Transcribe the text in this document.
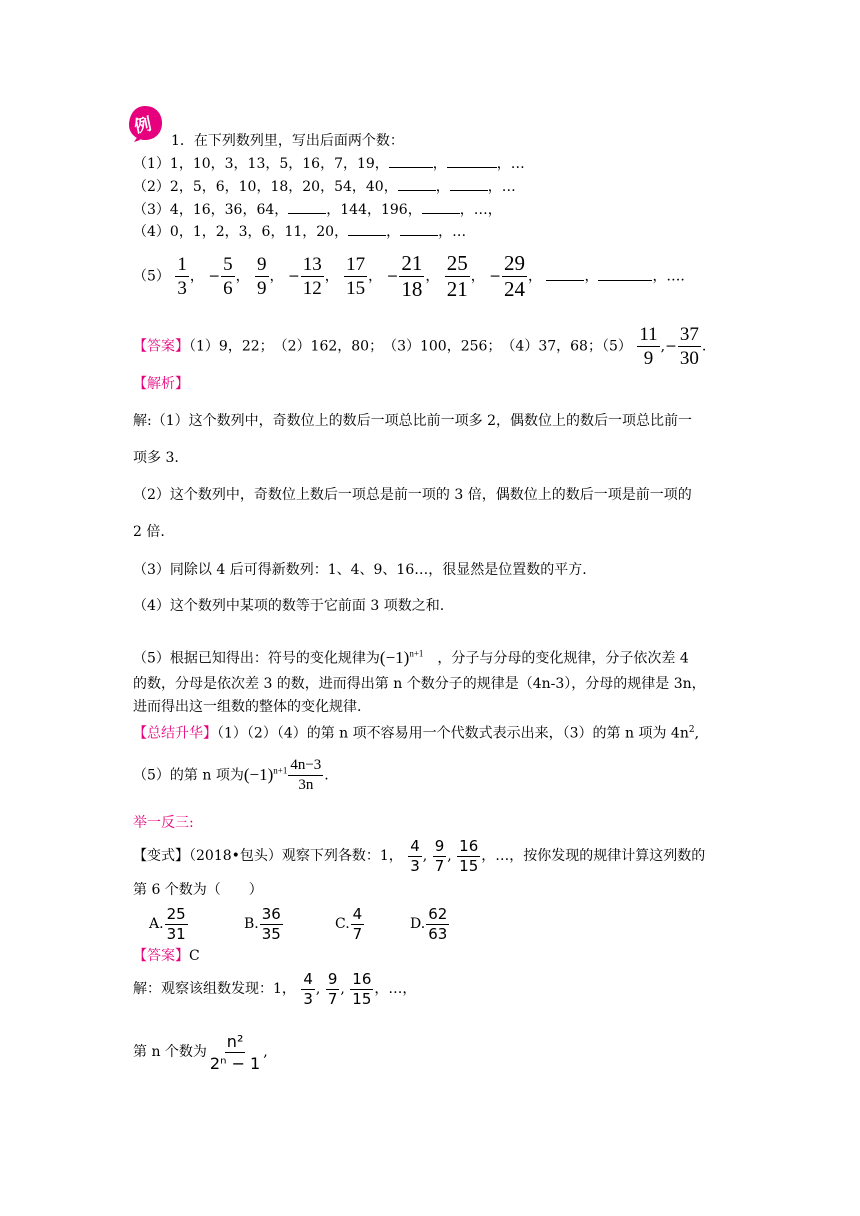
例
1．在下列数列里，写出后面两个数：
（1）1，10，3，13，5，16，7，19，	，	，…
（2）2，5，6，10，18，20，54，40，	，	，…
（3）4，16，36，64，	，144，196，	，…，
（4）0，1，2，3，6，11，20，	，	，…
$(5) \frac{1}{3}$ ， − $\frac{5}{6}$ ， $\frac{9}{9}$ ， − $\frac{13}{12}$ ， $\frac{17}{15}$ ， − $\frac{21}{18}$ ， $\frac{25}{21}$ ， − $\frac{29}{24}$ ，	，	，….
【答案】（1）9，22；　（2）162，80；　（3）100，256；　（4）37，68；$(5) \frac{11}{9}$ ,− $\frac{37}{30}$ .
【解析】
解:（1）这个数列中，奇数位上的数后一项总比前一项多 2，偶数位上的数后一项总比前一
项多 3.
（2）这个数列中，奇数位上数后一项总是前一项的 3 倍，偶数位上的数后一项是前一项的
2 倍.
（3）同除以 4 后可得新数列：1、4、9、16…，很显然是位置数的平方.
（4）这个数列中某项的数等于它前面 3 项数之和.
（5）根据已知得出：符号的变化规律为$(-1)^{n+1}$　 ，分子与分母的变化规律，分子依次差 4
的数，分母是依次差 3 的数，进而得出第 n 个数分子的规律是（4n-3），分母的规律是 3n，
进而得出这一组数的整体的变化规律.
【总结升华】（1）（2）（4）的第 n 项不容易用一个代数式表示出来，（3）的第 n 项为 $4n^2$,
（5）的第 n 项为$(-1)^{n+1} \frac{4n-3}{3n}$ .
举一反三:
【变式】（2018•包头）观察下列各数：1， $\frac{4}{3}$ , $\frac{9}{7}$ , $\frac{16}{15}$ ，…，按你发现的规律计算这列数的
第 6 个数为（　　）
A. $\frac{25}{31}$	B. $\frac{36}{35}$	C. $\frac{4}{7}$	D. $\frac{62}{63}$
【答案】C
解：观察该组数发现：1， $\frac{4}{3}$ , $\frac{9}{7}$ , $\frac{16}{15}$ ，…，
第 n 个数为 $\frac{\text{n²}}{\text{2ⁿ − 1}}$ ,
